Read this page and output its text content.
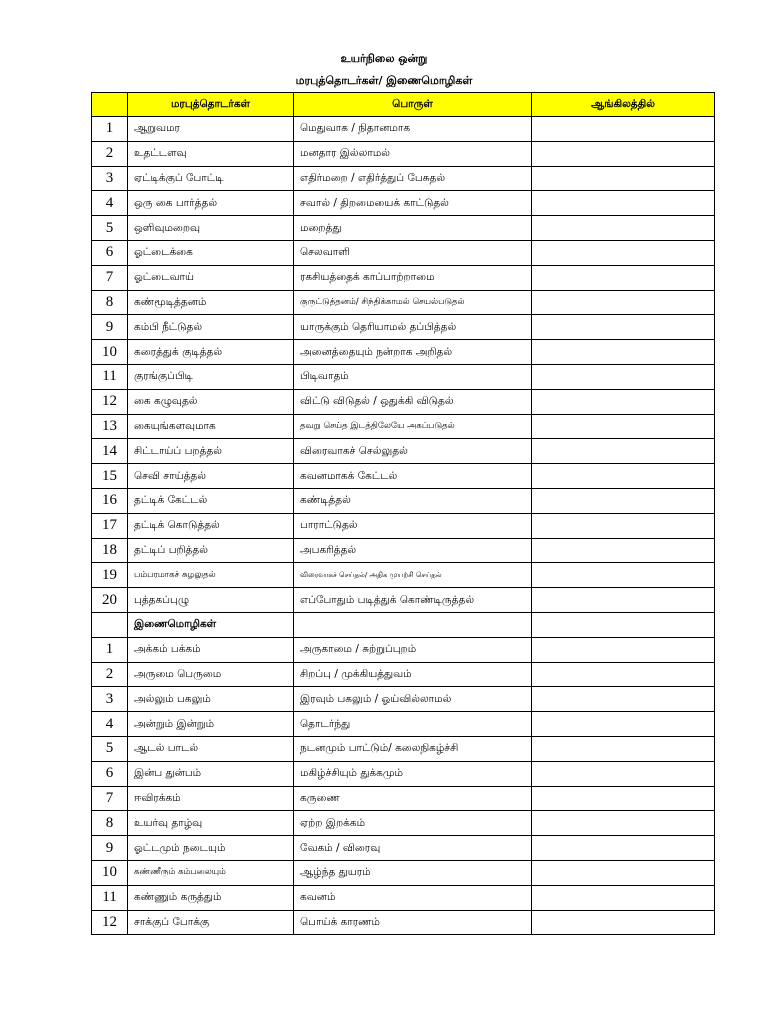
உயர்நிலை ஒன்று
மரபுத்தொடர்கள்/ இணைமொழிகள்
	மரபுத்தொடர்கள்	பொருள்	ஆங்கிலத்தில்
1	ஆறுவமர	மெதுவாக / நிதானமாக	
2	உதட்டளவு	மனதார இல்லாமல்	
3	ஏட்டிக்குப் போட்டி	எதிர்மறை / எதிர்த்துப் பேசுதல்	
4	ஒரு கை பார்த்தல்	சவால் / திறமையைக் காட்டுதல்	
5	ஒளிவுமறைவு	மறைத்து	
6	ஓட்டைக்கை	செலவாளி	
7	ஓட்டைவாய்	ரகசியத்தைக் காப்பாற்றாமை	
8	கண்மூடித்தனம்	குருட்டுத்தனம்/ சிந்திக்காமல் செயல்படுதல்	
9	கம்பி நீட்டுதல்	யாருக்கும் தெரியாமல் தப்பித்தல்	
10	கரைத்துக் குடித்தல்	அனைத்தையும் நன்றாக அறிதல்	
11	குரங்குப்பிடி	பிடிவாதம்	
12	கை கழுவுதல்	விட்டு விடுதல் / ஒதுக்கி விடுதல்	
13	கையுங்களவுமாக	தவறு செய்த இடத்திலேயே அகப்படுதல்	
14	சிட்டாய்ப் பறத்தல்	விரைவாகச் செல்லுதல்	
15	செவி சாய்த்தல்	கவனமாகக் கேட்டல்	
16	தட்டிக் கேட்டல்	கண்டித்தல்	
17	தட்டிக் கொடுத்தல்	பாராட்டுதல்	
18	தட்டிப் பறித்தல்	அபகரித்தல்	
19	பம்பரமாகச் சுழலுதல்	விரைவாகச் செய்தல்/ அதிக முயற்சி செய்தல்	
20	புத்தகப்புழு	எப்போதும் படித்துக் கொண்டிருத்தல்	
	இணைமொழிகள்		
1	அக்கம் பக்கம்	அருகாமை / சுற்றுப்புறம்	
2	அருமை பெருமை	சிறப்பு / முக்கியத்துவம்	
3	அல்லும் பகலும்	இரவும் பகலும் / ஓய்வில்லாமல்	
4	அன்றும் இன்றும்	தொடர்ந்து	
5	ஆடல் பாடல்	நடனமும் பாட்டும்/ கலைநிகழ்ச்சி	
6	இன்ப துன்பம்	மகிழ்ச்சியும் துக்கமும்	
7	ஈவிரக்கம்	கருணை	
8	உயர்வு தாழ்வு	ஏற்ற இறக்கம்	
9	ஓட்டமும் நடையும்	வேகம் / விரைவு	
10	கண்ணீரும் கம்பலையும்	ஆழ்ந்த துயரம்	
11	கண்ணும் கருத்தும்	கவனம்	
12	சாக்குப் போக்கு	பொய்க் காரணம்	
